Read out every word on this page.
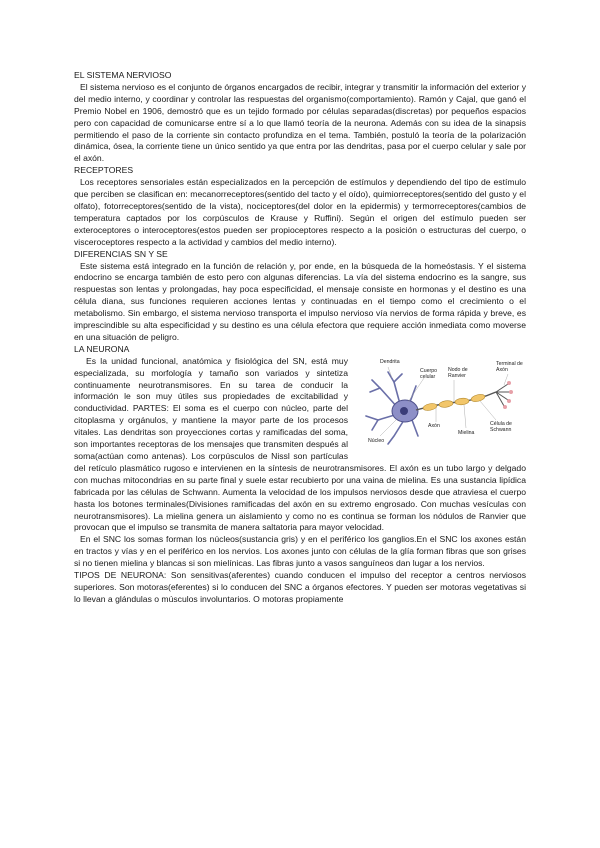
EL SISTEMA NERVIOSO

El sistema nervioso es el conjunto de órganos encargados de recibir, integrar y transmitir la información del exterior y del medio interno, y coordinar y controlar las respuestas del organismo(comportamiento). Ramón y Cajal, que ganó el Premio Nobel en 1906, demostró que es un tejido formado por células separadas(discretas) por pequeños espacios pero con capacidad de comunicarse entre sí a lo que llamó teoría de la neurona. Además con su idea de la sinapsis permitiendo el paso de la corriente sin contacto profundiza en el tema. También, postuló la teoría de la polarización dinámica, ósea, la corriente tiene un único sentido ya que entra por las dendritas, pasa por el cuerpo celular y sale por el axón.

RECEPTORES

Los receptores sensoriales están especializados en la percepción de estímulos y dependiendo del tipo de estímulo que perciben se clasifican en: mecanorreceptores(sentido del tacto y el oído), quimiorreceptores(sentido del gusto y el olfato), fotorreceptores(sentido de la vista), nociceptores(del dolor en la epidermis) y termorreceptores(cambios de temperatura captados por los corpúsculos de Krause y Ruffini). Según el origen del estímulo pueden ser exteroceptores o interoceptores(estos pueden ser propioceptores respecto a la posición o estructuras del cuerpo, o visceroceptores respecto a la actividad y cambios del medio interno).

DIFERENCIAS SN Y SE

Este sistema está integrado en la función de relación y, por ende, en la búsqueda de la homeóstasis. Y el sistema endocrino se encarga también de esto pero con algunas diferencias. La vía del sistema endocrino es la sangre, sus respuestas son lentas y prolongadas, hay poca especificidad, el mensaje consiste en hormonas y el destino es una célula diana, sus funciones requieren acciones lentas y continuadas en el tiempo como el crecimiento o el metabolismo. Sin embargo, el sistema nervioso transporta el impulso nervioso vía nervios de forma rápida y breve, es imprescindible su alta especificidad y su destino es una célula efectora que requiere acción inmediata como moverse en una situación de peligro.

LA NEURONA
Dendrita
Cuerpo celular
Nodo de Ranvier
Terminal de Axón
Núcleo
Axón
Mielina
Célula de Schwann

Es la unidad funcional, anatómica y fisiológica del SN, está muy especializada, su morfología y tamaño son variados y sintetiza continuamente neurotransmisores. En su tarea de conducir la información le son muy útiles sus propiedades de excitabilidad y conductividad. PARTES: El soma es el cuerpo con núcleo, parte del citoplasma y orgánulos, y mantiene la mayor parte de los procesos vitales. Las dendritas son proyecciones cortas y ramificadas del soma, son importantes receptoras de los mensajes que transmiten después al soma(actúan como antenas). Los corpúsculos de Nissl son partículas del retículo plasmático rugoso e intervienen en la síntesis de neurotransmisores. El axón es un tubo largo y delgado con muchas mitocondrias en su parte final y suele estar recubierto por una vaina de mielina. Es una sustancia lipídica fabricada por las células de Schwann. Aumenta la velocidad de los impulsos nerviosos desde que atraviesa el cuerpo hasta los botones terminales(Divisiones ramificadas del axón en su extremo engrosado. Con muchas vesículas con neurotransmisores). La mielina genera un aislamiento y como no es continua se forman los nódulos de Ranvier que provocan que el impulso se transmita de manera saltatoria para mayor velocidad.

En el SNC los somas forman los núcleos(sustancia gris) y en el periférico los ganglios.En el SNC los axones están en tractos y vías y en el periférico en los nervios. Los axones junto con células de la glía forman fibras que son grises si no tienen mielina y blancas si son mielínicas. Las fibras junto a vasos sanguíneos dan lugar a los nervios.

TIPOS DE NEURONA: Son sensitivas(aferentes) cuando conducen el impulso del receptor a centros nerviosos superiores. Son motoras(eferentes) si lo conducen del SNC a órganos efectores. Y pueden ser motoras vegetativas si lo llevan a glándulas o músculos involuntarios. O motoras propiamente
